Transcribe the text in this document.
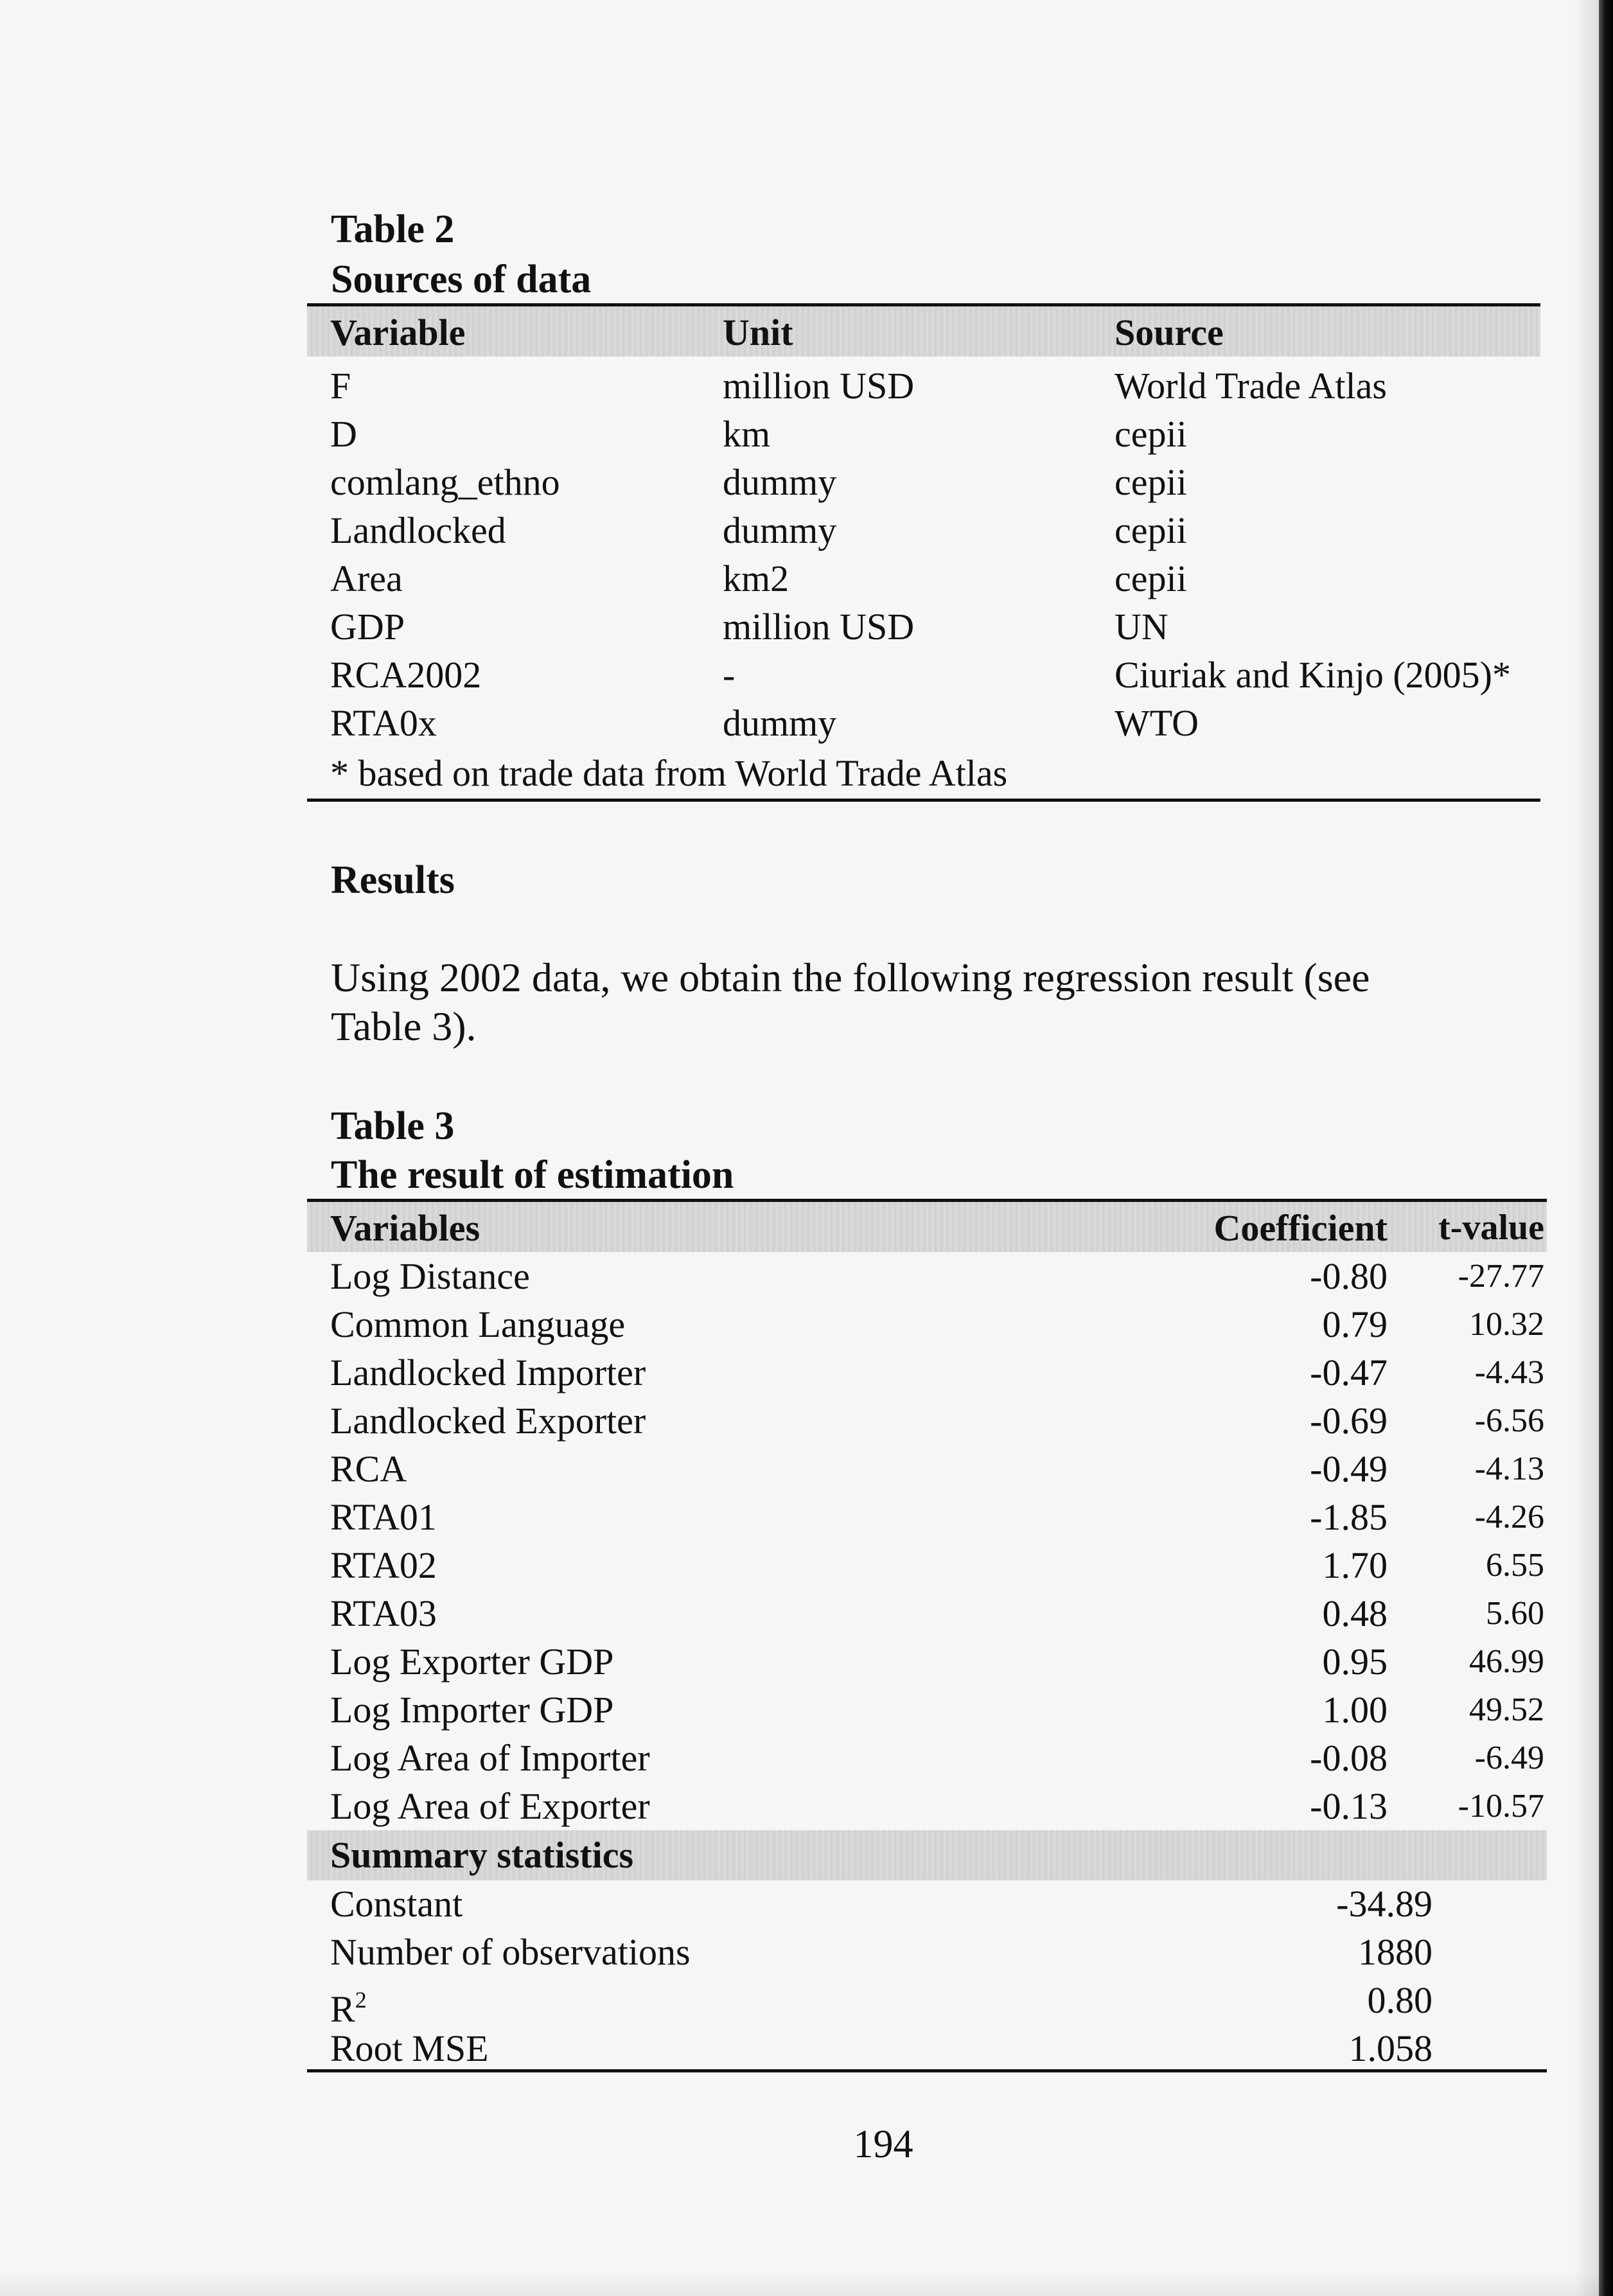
Table 2
Sources of data
Variable	Unit	Source
F	million USD	World Trade Atlas
D	km	cepii
comlang_ethno	dummy	cepii
Landlocked	dummy	cepii
Area	km2	cepii
GDP	million USD	UN
RCA2002	-	Ciuriak and Kinjo (2005)*
RTA0x	dummy	WTO
* based on trade data from World Trade Atlas
Results
Using 2002 data, we obtain the following regression result (see Table 3).
Table 3
The result of estimation
Variables	Coefficient	t-value
Log Distance	-0.80	-27.77
Common Language	0.79	10.32
Landlocked Importer	-0.47	-4.43
Landlocked Exporter	-0.69	-6.56
RCA	-0.49	-4.13
RTA01	-1.85	-4.26
RTA02	1.70	6.55
RTA03	0.48	5.60
Log Exporter GDP	0.95	46.99
Log Importer GDP	1.00	49.52
Log Area of Importer	-0.08	-6.49
Log Area of Exporter	-0.13	-10.57
Summary statistics
Constant	-34.89
Number of observations	1880
$R^2$	0.80
Root MSE	1.058
194
